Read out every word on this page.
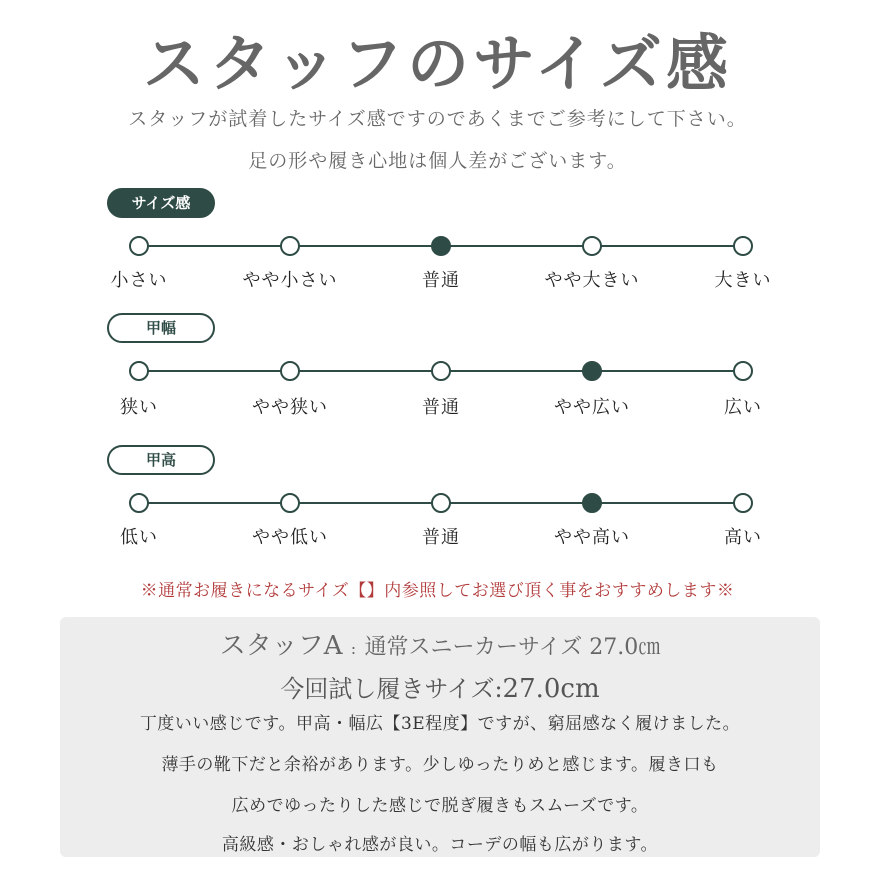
スタッフのサイズ感
スタッフが試着したサイズ感ですのであくまでご参考にして下さい。
足の形や履き心地は個人差がございます。
サイズ感
小さい	やや小さい	普通	やや大きい	大きい
甲幅
狭い	やや狭い	普通	やや広い	広い
甲高
低い	やや低い	普通	やや高い	高い
※通常お履きになるサイズ【】内参照してお選び頂く事をおすすめします※
スタッフA : 通常スニーカーサイズ 27.0㎝
今回試し履きサイズ:27.0cm
丁度いい感じです。甲高・幅広【3E程度】ですが、窮屈感なく履けました。
薄手の靴下だと余裕があります。少しゆったりめと感じます。履き口も
広めでゆったりした感じで脱ぎ履きもスムーズです。
高級感・おしゃれ感が良い。コーデの幅も広がります。
